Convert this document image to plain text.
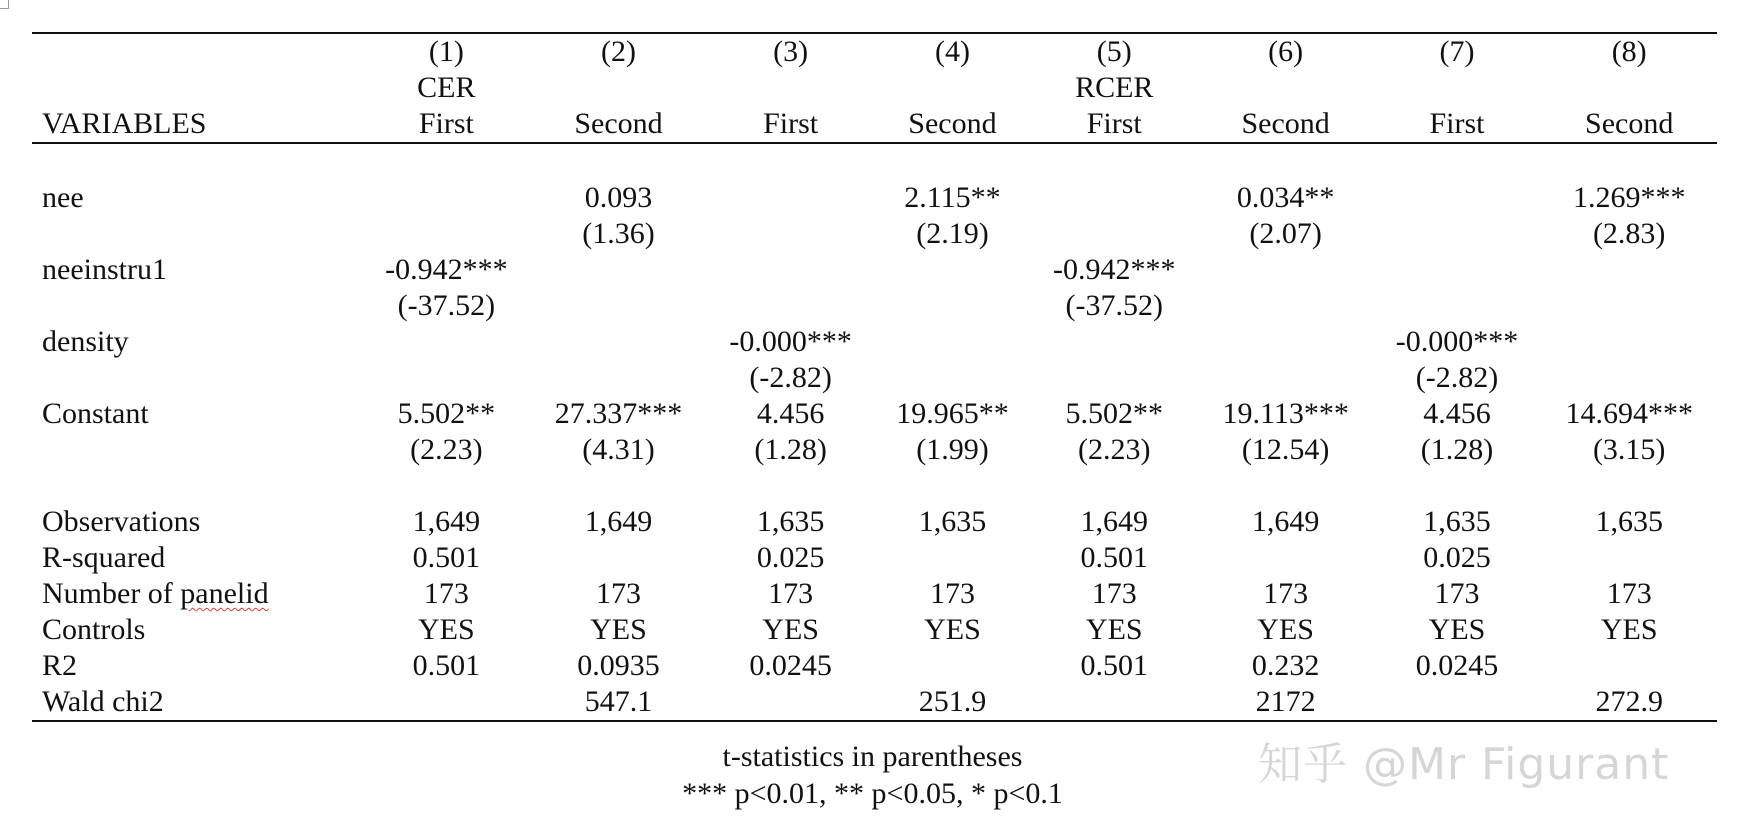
	(1)	(2)	(3)	(4)	(5)	(6)	(7)	(8)
	CER				RCER			
VARIABLES	First	Second	First	Second	First	Second	First	Second

nee		0.093		2.115**		0.034**		1.269***
		(1.36)		(2.19)		(2.07)		(2.83)
neeinstru1	-0.942***				-0.942***			
	(-37.52)				(-37.52)			
density			-0.000***				-0.000***	
			(-2.82)				(-2.82)	
Constant	5.502**	27.337***	4.456	19.965**	5.502**	19.113***	4.456	14.694***
	(2.23)	(4.31)	(1.28)	(1.99)	(2.23)	(12.54)	(1.28)	(3.15)

Observations	1,649	1,649	1,635	1,635	1,649	1,649	1,635	1,635
R-squared	0.501		0.025		0.501		0.025	
Number of panelid	173	173	173	173	173	173	173	173
Controls	YES	YES	YES	YES	YES	YES	YES	YES
R2	0.501	0.0935	0.0245		0.501	0.232	0.0245	
Wald chi2		547.1		251.9		2172		272.9
t-statistics in parentheses
*** p<0.01, ** p<0.05, * p<0.1
知乎 @Mr Figurant
